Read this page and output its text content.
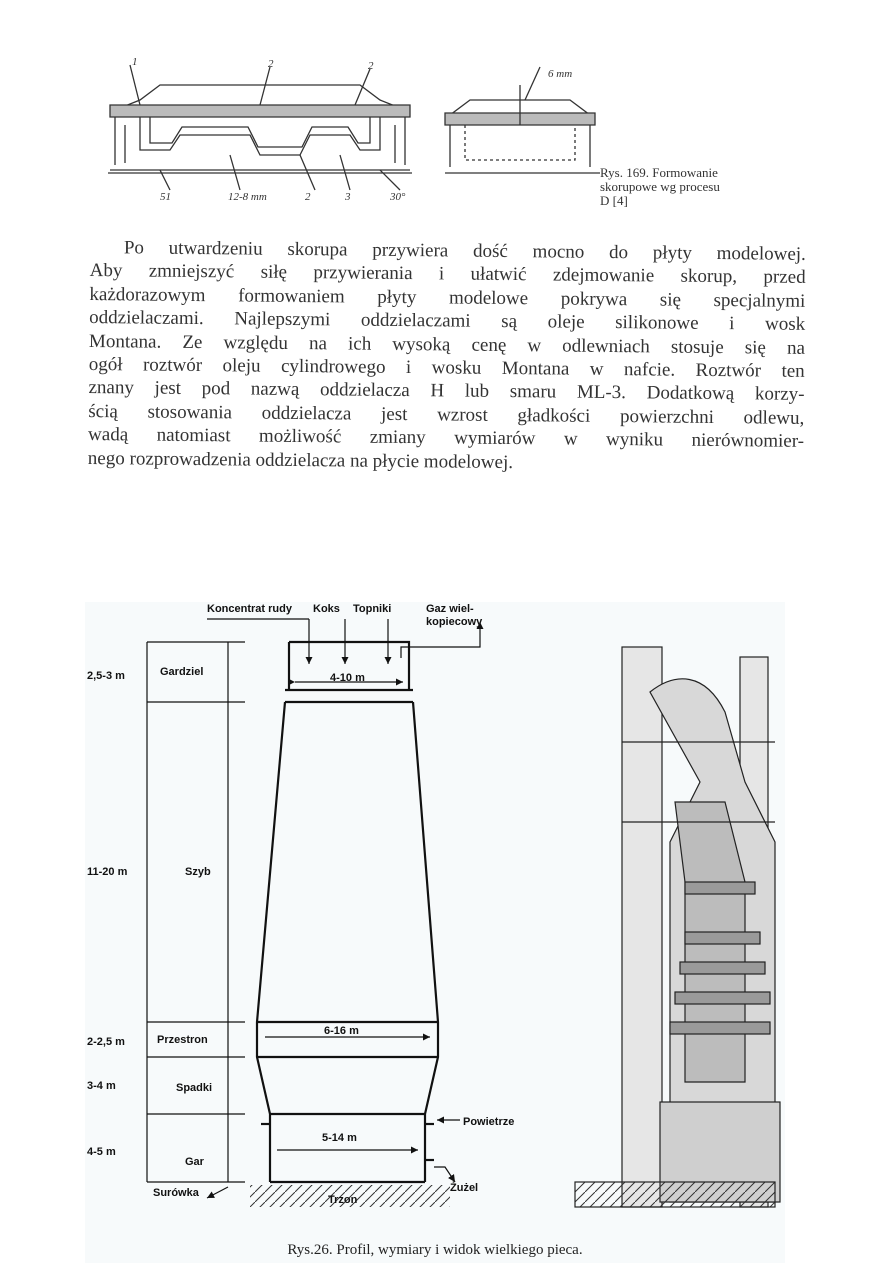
1	2	2
6 mm
51	12-8 mm	2	3	30°
Rys. 169. Formowanie
skorupowe wg procesu
D [4]
Po utwardzeniu skorupa przywiera dość mocno do płyty modelowej.
Aby zmniejszyć siłę przywierania i ułatwić zdejmowanie skorup, przed
każdorazowym formowaniem płyty modelowe pokrywa się specjalnymi
oddzielaczami. Najlepszymi oddzielaczami są oleje silikonowe i wosk
Montana. Ze względu na ich wysoką cenę w odlewniach stosuje się na
ogół roztwór oleju cylindrowego i wosku Montana w nafcie. Roztwór ten
znany jest pod nazwą oddzielacza H lub smaru ML-3. Dodatkową korzy-
ścią stosowania oddzielacza jest wzrost gładkości powierzchni odlewu,
wadą natomiast możliwość zmiany wymiarów w wyniku nierównomier-
nego rozprowadzenia oddzielacza na płycie modelowej.
Koncentrat rudy Koks Topniki	Gaz wiel-
kopiecowy
2,5-3 m	Gardziel
11-20 m	Szyb
2-2,5 m	Przestron
3-4 m	Spadki
4-5 m
Gar
4-10 m
6-16 m
5-14 m
Powietrze
Żużel
Surówka
Trzon
Rys.26. Profil, wymiary i widok wielkiego pieca.
